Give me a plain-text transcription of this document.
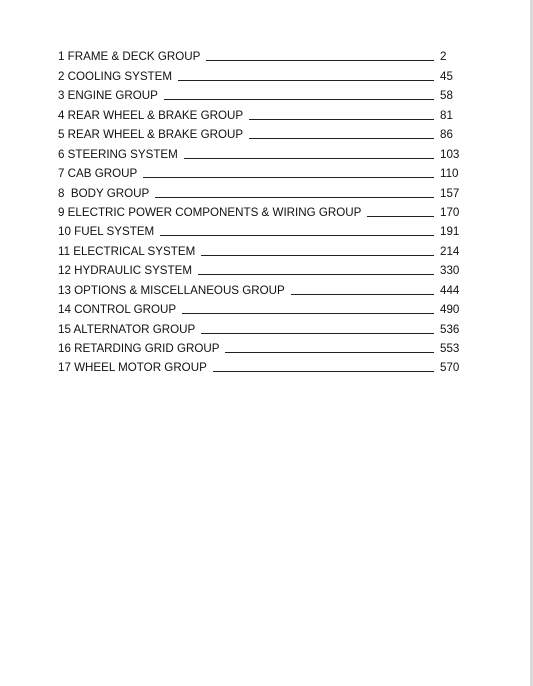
1 FRAME & DECK GROUP	2
2 COOLING SYSTEM	45
3 ENGINE GROUP	58
4 REAR WHEEL & BRAKE GROUP	81
5 REAR WHEEL & BRAKE GROUP	86
6 STEERING SYSTEM	103
7 CAB GROUP	110
8  BODY GROUP	157
9 ELECTRIC POWER COMPONENTS & WIRING GROUP	170
10 FUEL SYSTEM	191
11 ELECTRICAL SYSTEM	214
12 HYDRAULIC SYSTEM	330
13 OPTIONS & MISCELLANEOUS GROUP	444
14 CONTROL GROUP	490
15 ALTERNATOR GROUP	536
16 RETARDING GRID GROUP	553
17 WHEEL MOTOR GROUP	570
